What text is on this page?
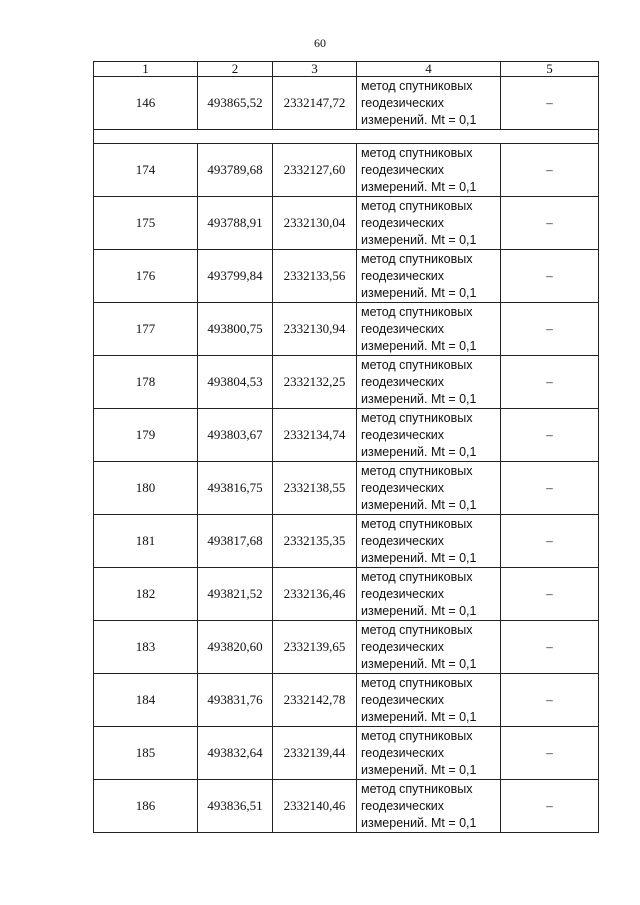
60
1	2	3	4	5
146	493865,52	2332147,72	метод спутниковых
геодезических
измерений. Mt = 0,1	–

174	493789,68	2332127,60	метод спутниковых
геодезических
измерений. Mt = 0,1	–
175	493788,91	2332130,04	метод спутниковых
геодезических
измерений. Mt = 0,1	–
176	493799,84	2332133,56	метод спутниковых
геодезических
измерений. Mt = 0,1	–
177	493800,75	2332130,94	метод спутниковых
геодезических
измерений. Mt = 0,1	–
178	493804,53	2332132,25	метод спутниковых
геодезических
измерений. Mt = 0,1	–
179	493803,67	2332134,74	метод спутниковых
геодезических
измерений. Mt = 0,1	–
180	493816,75	2332138,55	метод спутниковых
геодезических
измерений. Mt = 0,1	–
181	493817,68	2332135,35	метод спутниковых
геодезических
измерений. Mt = 0,1	–
182	493821,52	2332136,46	метод спутниковых
геодезических
измерений. Mt = 0,1	–
183	493820,60	2332139,65	метод спутниковых
геодезических
измерений. Mt = 0,1	–
184	493831,76	2332142,78	метод спутниковых
геодезических
измерений. Mt = 0,1	–
185	493832,64	2332139,44	метод спутниковых
геодезических
измерений. Mt = 0,1	–
186	493836,51	2332140,46	метод спутниковых
геодезических
измерений. Mt = 0,1	–
